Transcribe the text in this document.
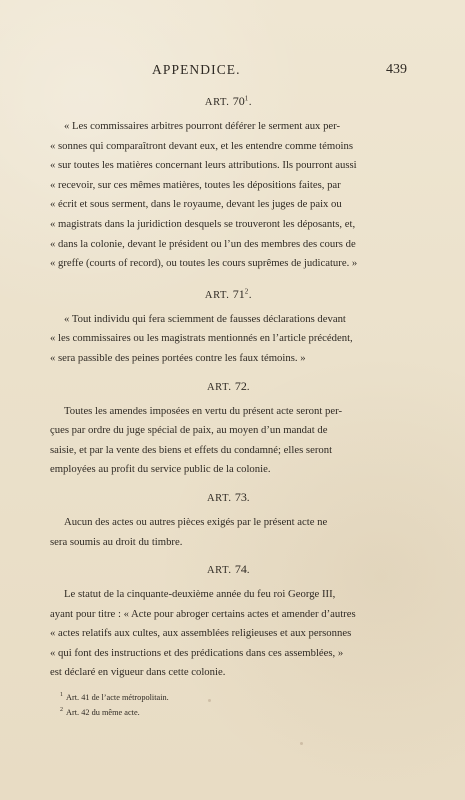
APPENDICE.	439
ART. $70^1$.
« Les commissaires arbitres pourront déférer le serment aux per-
« sonnes qui comparaîtront devant eux, et les entendre comme témoins
« sur toutes les matières concernant leurs attributions. Ils pourront aussi
« recevoir, sur ces mêmes matières, toutes les dépositions faites, par
« écrit et sous serment, dans le royaume, devant les juges de paix ou
« magistrats dans la juridiction desquels se trouveront les déposants, et,
« dans la colonie, devant le président ou l’un des membres des cours de
« greffe (courts of record), ou toutes les cours suprêmes de judicature. »
ART. $71^2$.
« Tout individu qui fera sciemment de fausses déclarations devant
« les commissaires ou les magistrats mentionnés en l’article précédent,
« sera passible des peines portées contre les faux témoins. »
ART. 72.
Toutes les amendes imposées en vertu du présent acte seront per-
çues par ordre du juge spécial de paix, au moyen d’un mandat de
saisie, et par la vente des biens et effets du condamné; elles seront
employées au profit du service public de la colonie.
ART. 73.
Aucun des actes ou autres pièces exigés par le présent acte ne
sera soumis au droit du timbre.
ART. 74.
Le statut de la cinquante-deuxième année du feu roi George III,
ayant pour titre : « Acte pour abroger certains actes et amender d’autres
« actes relatifs aux cultes, aux assemblées religieuses et aux personnes
« qui font des instructions et des prédications dans ces assemblées, »
est déclaré en vigueur dans cette colonie.
$^1$ Art. 41 de l’acte métropolitain.
$^2$ Art. 42 du même acte.
